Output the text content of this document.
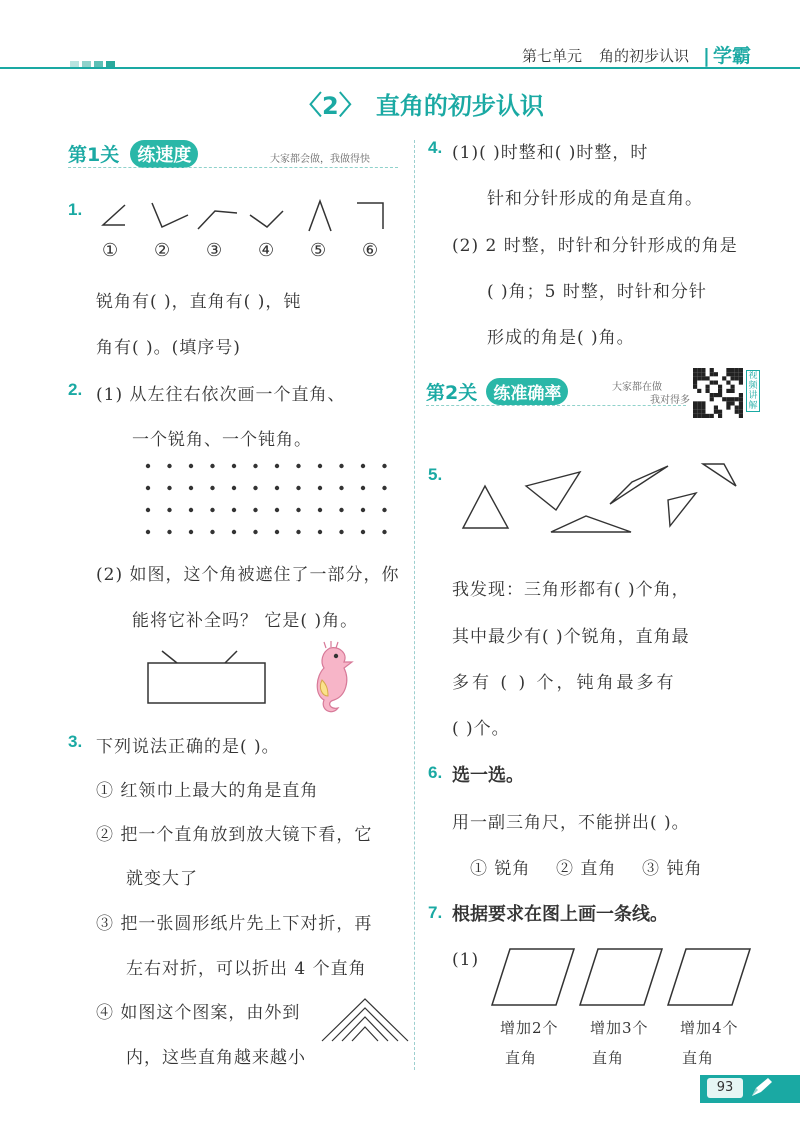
第七单元 角的初步认识 | 学霸
〈2〉 直角的初步认识
第1关 练速度	大家都会做，我做得快
1.
① ② ③ ④ ⑤ ⑥
锐角有( )，直角有( )，钝
角有( )。(填序号)
2. (1) 从左往右依次画一个直角、
一个锐角、一个钝角。
(2) 如图，这个角被遮住了一部分，你
能将它补全吗？ 它是( )角。
3. 下列说法正确的是( )。
① 红领巾上最大的角是直角
② 把一个直角放到放大镜下看，它
就变大了
③ 把一张圆形纸片先上下对折，再
左右对折，可以折出 4 个直角
④ 如图这个图案，由外到
内，这些直角越来越小
4. (1)( )时整和( )时整，时
针和分针形成的角是直角。
(2) 2 时整，时针和分针形成的角是
( )角；5 时整，时针和分针
形成的角是( )角。
第2关 练准确率	大家都在做
我对得多
视频讲解
5.
我发现：三角形都有( )个角，
其中最少有( )个锐角，直角最
多有 ( ) 个，钝角最多有
( )个。
6. 选一选。
用一副三角尺，不能拼出( )。
① 锐角    ② 直角    ③ 钝角
7. 根据要求在图上画一条线。
(1)
增加2个
直角
增加3个
直角
增加4个
直角
93
